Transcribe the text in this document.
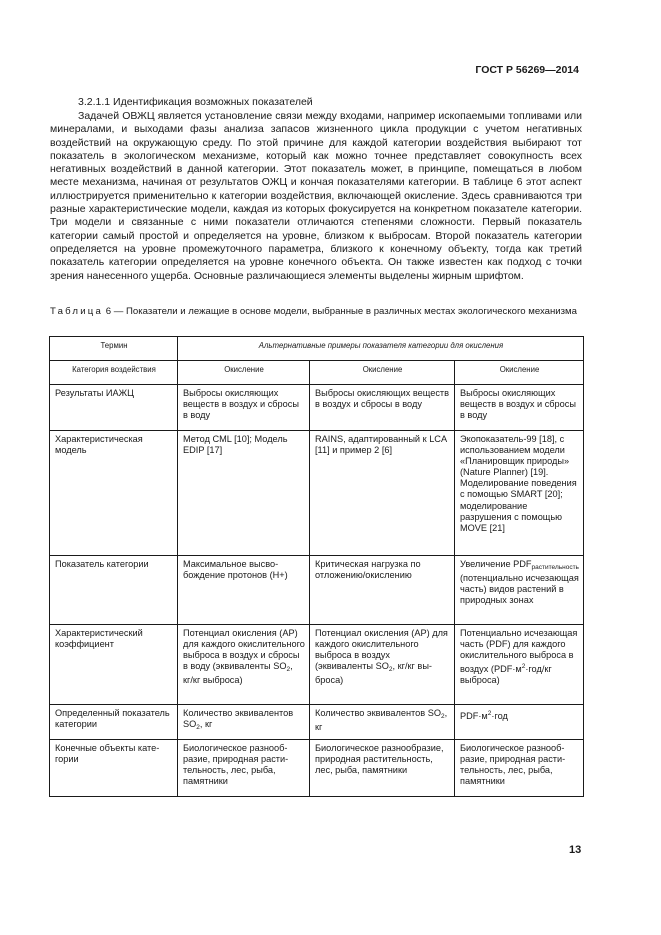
ГОСТ Р 56269—2014
3.2.1.1 Идентификация возможных показателей

Задачей ОВЖЦ является установление связи между входами, например ископаемыми топливами или минералами, и выходами фазы анализа запасов жизненного цикла продукции с учетом негативных воздействий на окружающую среду. По этой причине для каждой категории воздействия выбирают тот показатель в экологическом механизме, который как можно точнее представляет совокупность всех негативных воздействий в данной категории. Этот показатель может, в принципе, помещаться в любом месте механизма, начиная от результатов ОЖЦ и кончая показателями категории. В таблице 6 этот аспект иллюстрируется применительно к категории воздействия, включающей окисление. Здесь сравниваются три разные характеристические модели, каждая из которых фокусируется на конкретном показателе категории. Три модели и связанные с ними показатели отличаются степенями сложности. Первый показатель категории самый простой и определяется на уровне, близком к выбросам. Второй показатель категории определяется на уровне промежуточного параметра, близкого к конечному объекту, тогда как третий показатель категории определяется на уровне конечного объекта. Он также известен как подход с точки зрения нанесенного ущерба. Основные различающиеся элементы выделены жирным шрифтом.

Таблица 6 — Показатели и лежащие в основе модели, выбранные в различных местах экологического механизма

Термин	Альтернативные примеры показателя категории для окисления		
Категория воздействия	Окисление	Окисление	Окисление
Результаты ИАЖЦ	Выбросы окисляющих веществ в воздух и сбросы в воду	Выбросы окисляющих веществ в воздух и сбросы в воду	Выбросы окисляющих веществ в воздух и сбросы в воду
Характеристическая модель	Метод CML [10]; Модель EDIP [17]	RAINS, адаптированный к LCA [11] и пример 2 [6]	Экопоказатель-99 [18], с использованием модели «Планировщик природы» (Nature Planner) [19]. Моделирование поведения с помощью SMART [20]; моделирование разрушения с помощью MOVE [21]
Показатель категории	Максимальное высвобождение протонов (H+)	Критическая нагрузка по отложению/окислению	Увеличение $PDF_{растительность}$ (потенциально исчезающая часть) видов растений в природных зонах
Характеристический коэффициент	Потенциал окисления (AP) для каждого окислительного выброса в воздух и сбросы в воду (эквиваленты $SO_2$, кг/кг выброса)	Потенциал окисления (AP) для каждого окислительного выброса в воздух (эквиваленты $SO_2$, кг/кг выброса)	Потенциально исчезающая часть (PDF) для каждого окислительного выброса в воздух ($PDF\cdot м^2\cdot год/кг$ выброса)
Определенный показатель категории	Количество эквивалентов $SO_2$, кг	Количество эквивалентов $SO_2$, кг	$PDF\cdot м^2\cdot год$
Конечные объекты категории	Биологическое разнообразие, природная растительность, лес, рыба, памятники	Биологическое разнообразие, природная растительность, лес, рыба, памятники	Биологическое разнообразие, природная растительность, лес, рыба, памятники
13
